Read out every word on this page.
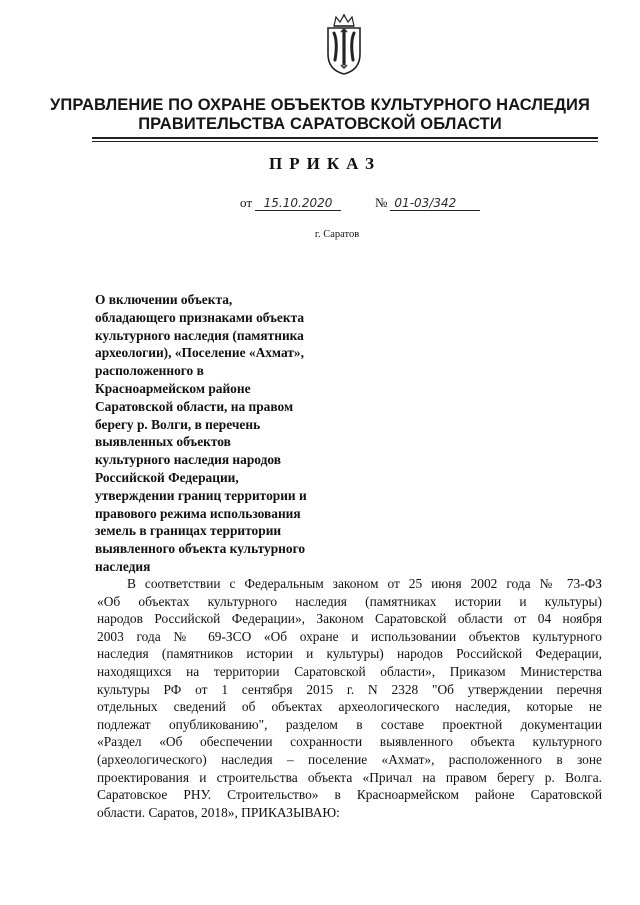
УПРАВЛЕНИЕ ПО ОХРАНЕ ОБЪЕКТОВ КУЛЬТУРНОГО НАСЛЕДИЯ
ПРАВИТЕЛЬСТВА САРАТОВСКОЙ ОБЛАСТИ
ПРИКАЗ
от 15.10.2020	№ 01-03/342
г. Саратов

О включении объекта,
обладающего признаками объекта
культурного наследия (памятника
археологии), «Поселение «Ахмат»,
расположенного в
Красноармейском районе
Саратовской области, на правом
берегу р. Волги, в перечень
выявленных объектов
культурного наследия народов
Российской Федерации,
утверждении границ территории и
правового режима использования
земель в границах территории
выявленного объекта культурного
наследия

В соответствии с Федеральным законом от 25 июня 2002 года № 73-ФЗ
«Об объектах культурного наследия (памятниках истории и культуры)
народов Российской Федерации», Законом Саратовской области от 04 ноября
2003 года № 69-ЗСО «Об охране и использовании объектов культурного
наследия (памятников истории и культуры) народов Российской Федерации,
находящихся на территории Саратовской области», Приказом Министерства
культуры РФ от 1 сентября 2015 г. N 2328 "Об утверждении перечня
отдельных сведений об объектах археологического наследия, которые не
подлежат опубликованию", разделом в составе проектной документации
«Раздел «Об обеспечении сохранности выявленного объекта культурного
(археологического) наследия – поселение «Ахмат», расположенного в зоне
проектирования и строительства объекта «Причал на правом берегу р. Волга.
Саратовское РНУ. Строительство» в Красноармейском районе Саратовской
области. Саратов, 2018», ПРИКАЗЫВАЮ:
